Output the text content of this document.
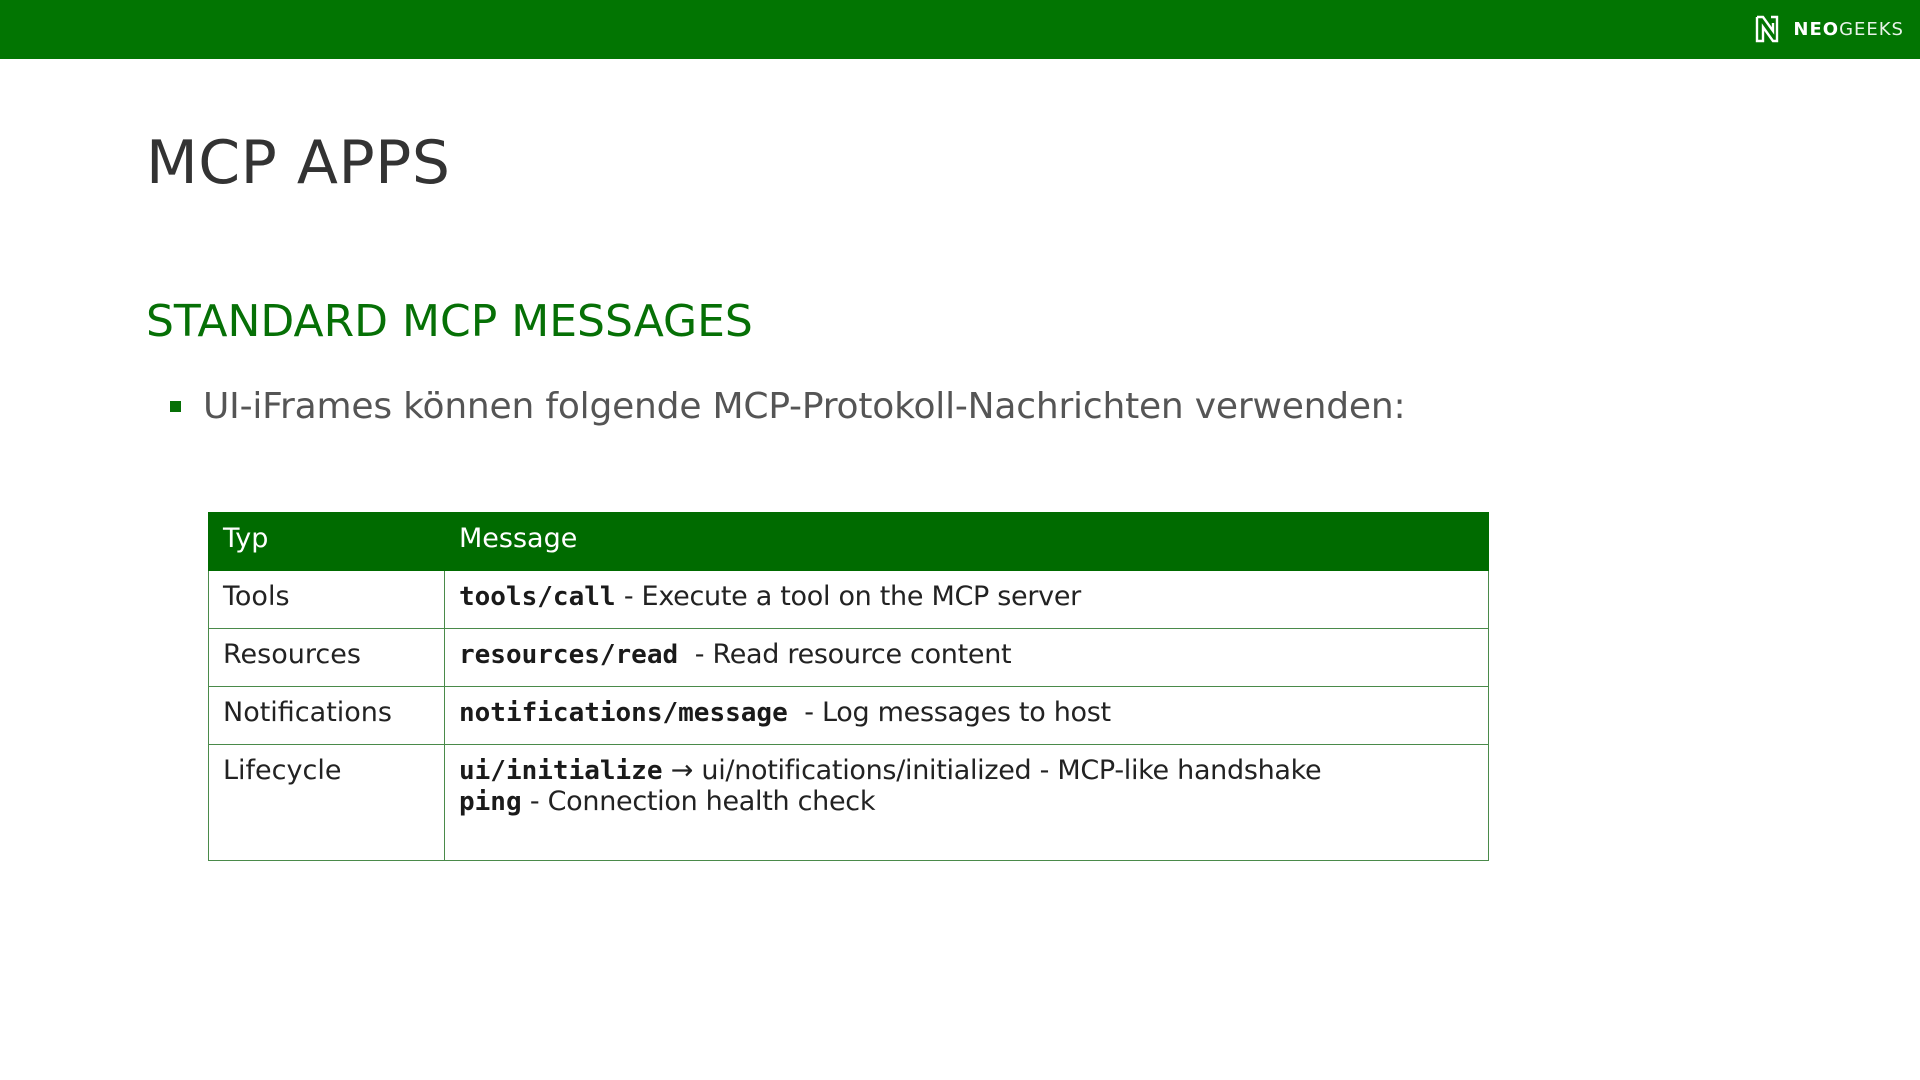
NEOGEEKS
MCP APPS
STANDARD MCP MESSAGES
UI-iFrames können folgende MCP-Protokoll-Nachrichten verwenden:
Typ	Message
Tools	tools/call - Execute a tool on the MCP server

Resources	resources/read  - Read resource content

Notifications	notifications/message  - Log messages to host

Lifecycle	ui/initialize → ui/notifications/initialized - MCP-like handshake
ping - Connection health check
